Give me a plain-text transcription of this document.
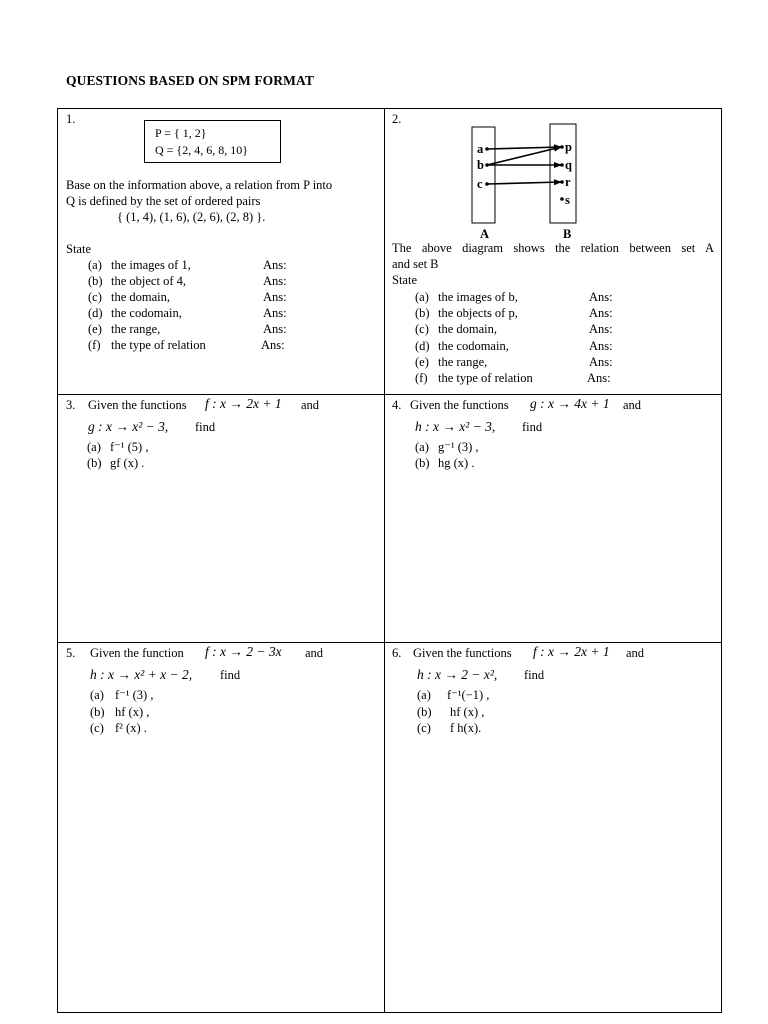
QUESTIONS BASED ON SPM FORMAT
1.
P = { 1, 2}
Q = {2, 4, 6, 8, 10}
Base on the information above, a relation from P into
Q is defined by the set of ordered pairs
{ (1, 4), (1, 6), (2, 6), (2, 8) }.
State
(a) the images of 1,	Ans:
(b) the object of 4,	Ans:
(c) the domain,	Ans:
(d) the codomain,	Ans:
(e) the range,	Ans:
(f) the type of relation	Ans:
2.
a
b
c
p
q
r
s
A	B
The above diagram shows the relation between set A
and set B
State
(a) the images of b,	Ans:
(b) the objects of p,	Ans:
(c) the domain,	Ans:
(d) the codomain,	Ans:
(e) the range,	Ans:
(f) the type of relation	Ans:
3. Given the functions f : x → 2x + 1 and
g : x → x² − 3, find
(a) f⁻¹ (5) ,
(b) gf (x) .
4. Given the functions g : x → 4x + 1 and
h : x → x² − 3, find
(a) g⁻¹ (3) ,
(b) hg (x) .
5. Given the function f : x → 2 − 3x and
h : x → x² + x − 2, find
(a) f⁻¹ (3) ,
(b) hf (x) ,
(c) f² (x) .
6. Given the functions f : x → 2x + 1 and
h : x → 2 − x², find
(a) f⁻¹(−1) ,
(b) hf (x) ,
(c) f h(x).
